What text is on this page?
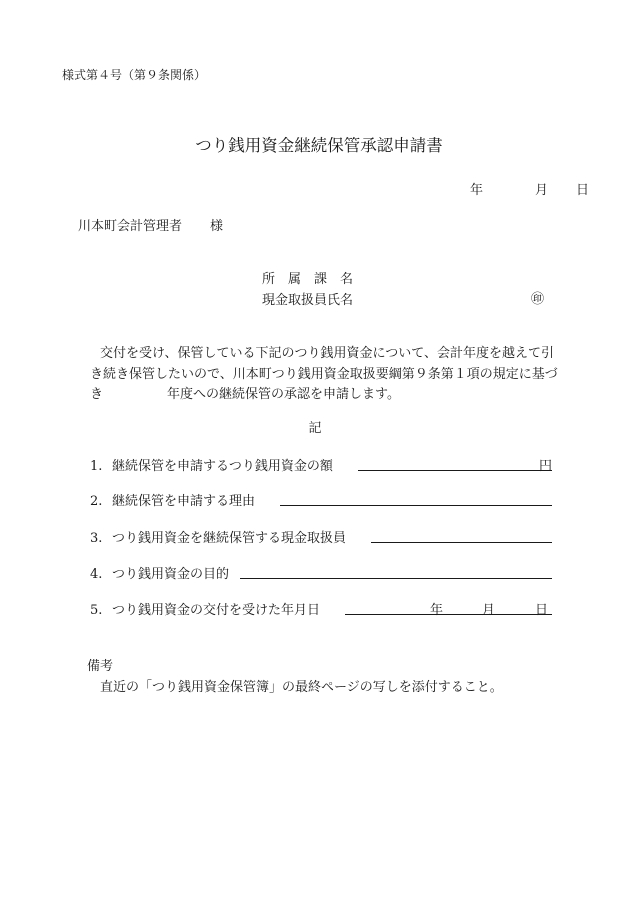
様式第４号（第９条関係）
つり銭用資金継続保管承認申請書
年	月 日
川本町会計管理者 様
所　属　課　名
現金取扱員氏名	㊞

交付を受け、保管している下記のつり銭用資金について、会計年度を越えて引

き続き保管したいので、川本町つり銭用資金取扱要綱第９条第１項の規定に基づ

き	年度への継続保管の承認を申請します。

記
1. 継続保管を申請するつり銭用資金の額	円
2. 継続保管を申請する理由
3. つり銭用資金を継続保管する現金取扱員
4. つり銭用資金の目的
5. つり銭用資金の交付を受けた年月日	年	月	日
備考
直近の「つり銭用資金保管簿」の最終ページの写しを添付すること。
